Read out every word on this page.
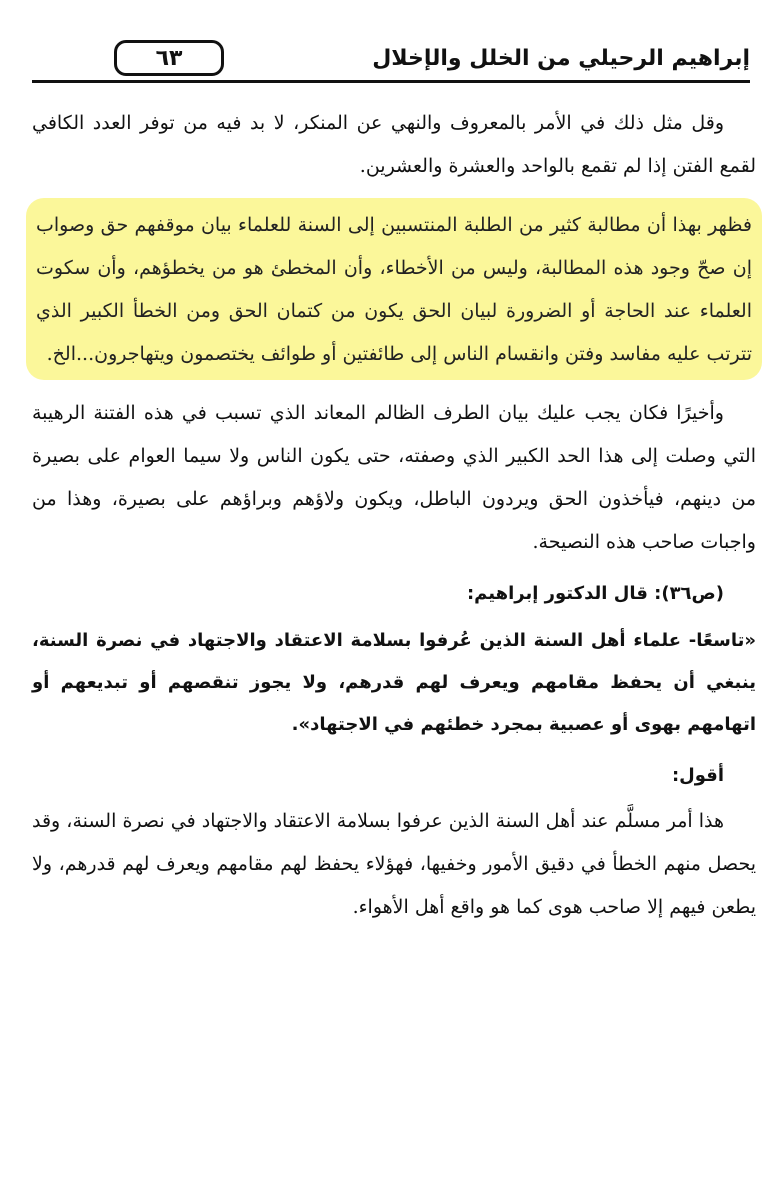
إبراهيم الرحيلي من الخلل والإخلال
٦٣

وقل مثل ذلك في الأمر بالمعروف والنهي عن المنكر، لا بد فيه من توفر العدد الكافي لقمع الفتن إذا لم تقمع بالواحد والعشرة والعشرين.

فظهر بهذا أن مطالبة كثير من الطلبة المنتسبين إلى السنة للعلماء بيان موقفهم حق وصواب إن صحّ وجود هذه المطالبة، وليس من الأخطاء، وأن المخطئ هو من يخطؤهم، وأن سكوت العلماء عند الحاجة أو الضرورة لبيان الحق يكون من كتمان الحق ومن الخطأ الكبير الذي تترتب عليه مفاسد وفتن وانقسام الناس إلى طائفتين أو طوائف يختصمون ويتهاجرون...الخ.

وأخيرًا فكان يجب عليك بيان الطرف الظالم المعاند الذي تسبب في هذه الفتنة الرهيبة التي وصلت إلى هذا الحد الكبير الذي وصفته، حتى يكون الناس ولا سيما العوام على بصيرة من دينهم، فيأخذون الحق ويردون الباطل، ويكون ولاؤهم وبراؤهم على بصيرة، وهذا من واجبات صاحب هذه النصيحة.

(ص٣٦): قال الدكتور إبراهيم:

«تاسعًا- علماء أهل السنة الذين عُرفوا بسلامة الاعتقاد والاجتهاد في نصرة السنة، ينبغي أن يحفظ مقامهم ويعرف لهم قدرهم، ولا يجوز تنقصهم أو تبديعهم أو اتهامهم بهوى أو عصبية بمجرد خطئهم في الاجتهاد».

أقول:

هذا أمر مسلَّم عند أهل السنة الذين عرفوا بسلامة الاعتقاد والاجتهاد في نصرة السنة، وقد يحصل منهم الخطأ في دقيق الأمور وخفيها، فهؤلاء يحفظ لهم مقامهم ويعرف لهم قدرهم، ولا يطعن فيهم إلا صاحب هوى كما هو واقع أهل الأهواء.
